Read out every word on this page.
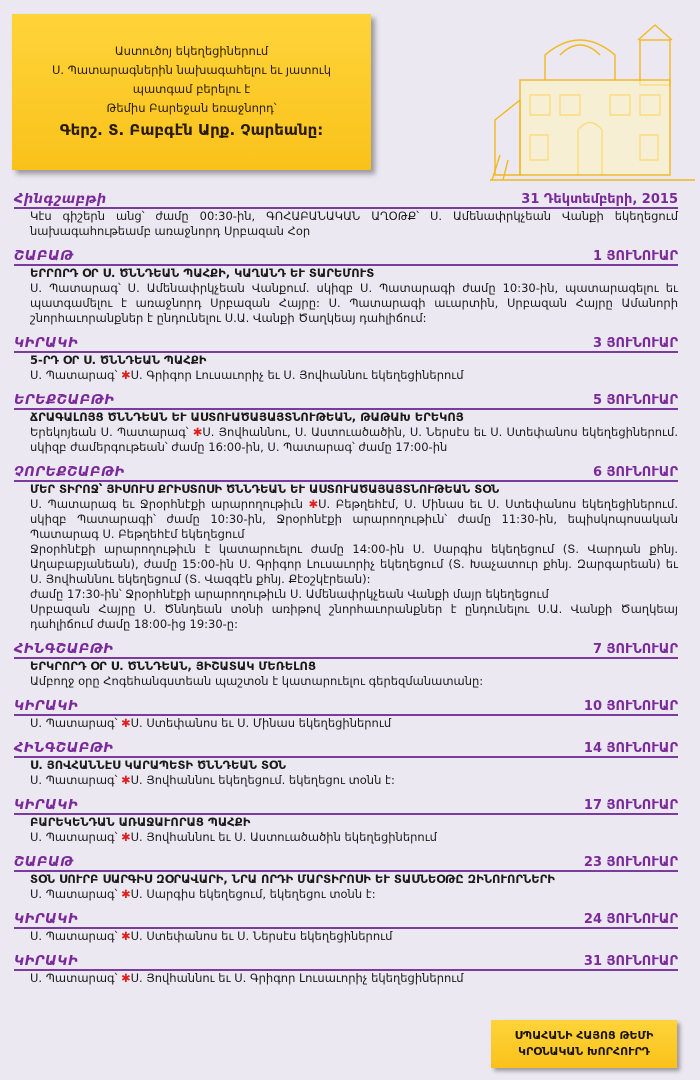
Աստուծոյ եկեղեցիներում
Ս. Պատարագներին նախագահելու եւ յատուկ
պատգամ բերելու է
Թեմիս Բարեջան եռաջնորդ՝
Գերշ. Տ. Բաբգէն Արք. Չարեանը:
Հինգշաբթի	31 Դեկտեմբերի, 2015
Կէս գիշերն անց՝ ժամը 00:30-ին, ԳՈՀԱԲԱՆԱԿԱՆ ԱՂՕԹՔ՝ Ս. Ամենափրկչեան Վանքի եկեղեցում նախագահութեամբ առաջնորդ Սրբազան Հօր
ՇԱԲԱԹ	1 ՅՈՒՆՈՒԱՐ
ԵՐՐՈՐԴ ՕՐ Ս. ԾՆՆԴԵԱՆ ՊԱՀՔԻ, ԿԱՂԱՆԴ ԵՒ ՏԱՐԵՄՈՒՏ
Ս. Պատարագ՝ Ս. Ամենափրկչեան Վանքում. սկիզբ Ս. Պատարագի ժամը 10:30-ին, պատարագելու եւ պատգամելու է առաջնորդ Սրբազան Հայրը: Ս. Պատարագի աւարտին, Սրբազան Հայրը Ամանորի շնորհաւորանքներ է ընդունելու Ս.Ա. Վանքի Ծաղկեայ դահլիճում:
ԿԻՐԱԿԻ	3 ՅՈՒՆՈՒԱՐ
5-ՐԴ ՕՐ Ս. ԾՆՆԴԵԱՆ ՊԱՀՔԻ
Ս. Պատարագ՝ ✱Ս. Գրիգոր Լուսաւորիչ եւ Ս. Յովհաննու եկեղեցիներում
ԵՐԵՔՇԱԲԹԻ	5 ՅՈՒՆՈՒԱՐ
ՃՐԱԳԱԼՈՅՑ ԾՆՆԴԵԱՆ ԵՒ ԱՍՏՈՒԱԾԱՅԱՅՏՆՈՒԹԵԱՆ, ԹԱԹԱԽ ԵՐԵԿՈՅ
Երեկոյեան Ս. Պատարագ՝ ✱Ս. Յովհաննու, Ս. Աստուածածին, Ս. Ներսէս եւ Ս. Ստեփանոս եկեղեցիներում. սկիզբ ժամերգութեան՝ ժամը 16:00-ին, Ս. Պատարագ՝ ժամը 17:00-ին
ՉՈՐԵՔՇԱԲԹԻ	6 ՅՈՒՆՈՒԱՐ
ՄԵՐ ՏԻՐՈՋ՝ ՅԻՍՈՒՍ ՔՐԻՍՏՈՍԻ ԾՆՆԴԵԱՆ ԵՒ ԱՍՏՈՒԱԾԱՅԱՅՏՆՈՒԹԵԱՆ ՏՕՆ
Ս. Պատարագ եւ Ջրօրհնէքի արարողութիւն ✱Ս. Բեթղեհէմ, Ս. Մինաս եւ Ս. Ստեփանոս եկեղեցիներում. սկիզբ Պատարագի՝ ժամը 10:30-ին, Ջրօրհնէքի արարողութիւն՝ ժամը 11:30-ին, եպիսկոպոսական Պատարագ Ս. Բեթղեհէմ եկեղեցում
Ջրօրհնէքի արարողութիւն է կատարուելու ժամը 14:00-ին Ս. Սարգիս եկեղեցում (Տ. Վարդան քհնյ. Աղաբաբյանեան), ժամը 15:00-ին Ս. Գրիգոր Լուսաւորիչ եկեղեցում (Տ. Խաչատուր քհնյ. Զարգարեան) եւ Ս. Յովհաննու եկեղեցում (Տ. Վազգէն քհնյ. Քէօշկէրեան):
ժամը 17:30-ին՝ Ջրօրհնէքի արարողութիւն Ս. Ամենափրկչեան Վանքի մայր եկեղեցում
Սրբազան Հայրը Ս. Ծննդեան տօնի առիթով շնորհաւորանքներ է ընդունելու Ս.Ա. Վանքի Ծաղկեայ դահլիճում ժամը 18:00-ից 19:30-ը:
ՀԻՆԳՇԱԲԹԻ	7 ՅՈՒՆՈՒԱՐ
ԵՐԿՐՈՐԴ ՕՐ Ս. ԾՆՆԴԵԱՆ, ՅԻՇԱՏԱԿ ՄԵՌԵԼՈՑ
Ամբողջ օրը Հոգեհանգստեան պաշտօն է կատարուելու գերեզմանատանը:
ԿԻՐԱԿԻ	10 ՅՈՒՆՈՒԱՐ
Ս. Պատարագ՝ ✱Ս. Ստեփանոս եւ Ս. Մինաս եկեղեցիներում
ՀԻՆԳՇԱԲԹԻ	14 ՅՈՒՆՈՒԱՐ
Ս. ՅՈՎՀԱՆՆԷՍ ԿԱՐԱՊԵՏԻ ԾՆՆԴԵԱՆ ՏՕՆ
Ս. Պատարագ՝ ✱Ս. Յովհաննու եկեղեցում. եկեղեցու տօնն է:
ԿԻՐԱԿԻ	17 ՅՈՒՆՈՒԱՐ
ԲԱՐԵԿԵՆԴԱՆ ԱՌԱՋԱՒՈՐԱՑ ՊԱՀՔԻ
Ս. Պատարագ՝ ✱Ս. Յովհաննու եւ Ս. Աստուածածին եկեղեցիներում
ՇԱԲԱԹ	23 ՅՈՒՆՈՒԱՐ
ՏՕՆ ՍՈՒՐԲ ՍԱՐԳԻՍ ԶՕՐԱՎԱՐԻ, ՆՐԱ ՈՐԴԻ ՄԱՐՏԻՐՈՍԻ ԵՒ ՏԱՍՆԵՕԹԸ ԶԻՆՈՒՈՐՆԵՐԻ
Ս. Պատարագ՝ ✱Ս. Սարգիս եկեղեցում, եկեղեցու տօնն է:
ԿԻՐԱԿԻ	24 ՅՈՒՆՈՒԱՐ
Ս. Պատարագ՝ ✱Ս. Ստեփանոս եւ Ս. Ներսէս եկեղեցիներում
ԿԻՐԱԿԻ	31 ՅՈՒՆՈՒԱՐ
Ս. Պատարագ՝ ✱Ս. Յովհաննու եւ Ս. Գրիգոր Լուսաւորիչ եկեղեցիներում
ՍՊԱՀԱՆԻ ՀԱՅՈՑ ԹԵՄԻ
ԿՐՕՆԱԿԱՆ ԽՈՐՀՈՒՐԴ
